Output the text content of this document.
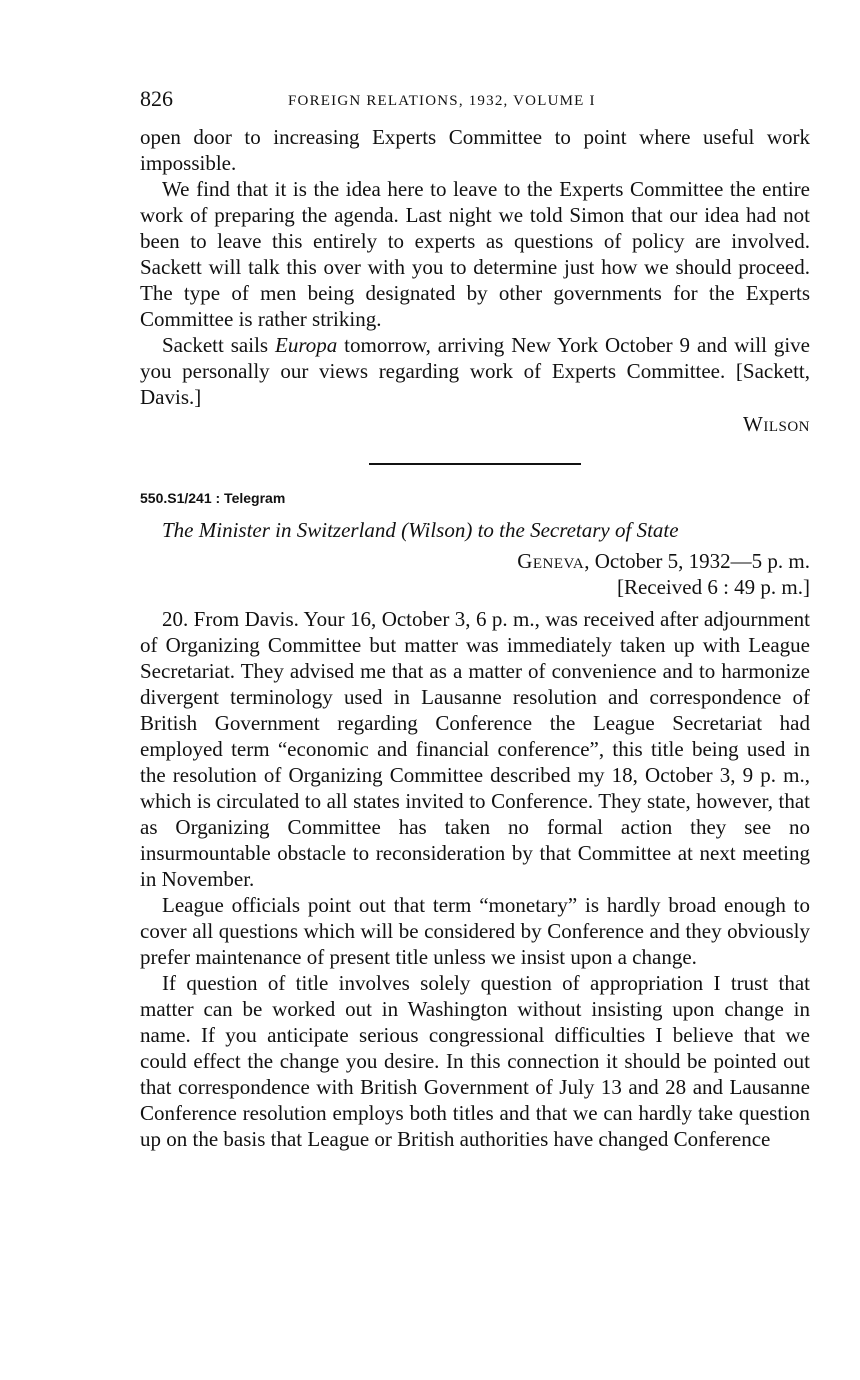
826	FOREIGN RELATIONS, 1932, VOLUME I

open door to increasing Experts Committee to point where useful work impossible.

We find that it is the idea here to leave to the Experts Committee the entire work of preparing the agenda. Last night we told Simon that our idea had not been to leave this entirely to experts as questions of policy are involved. Sackett will talk this over with you to determine just how we should proceed. The type of men being designated by other governments for the Experts Committee is rather striking.

Sackett sails Europa tomorrow, arriving New York October 9 and will give you personally our views regarding work of Experts Committee. [Sackett, Davis.]

Wilson
550.S1/241 : Telegram
The Minister in Switzerland (Wilson) to the Secretary of State
Geneva, October 5, 1932—5 p. m.
[Received 6 : 49 p. m.]

20. From Davis. Your 16, October 3, 6 p. m., was received after adjournment of Organizing Committee but matter was immediately taken up with League Secretariat. They advised me that as a matter of convenience and to harmonize divergent terminology used in Lausanne resolution and correspondence of British Government regarding Conference the League Secretariat had employed term “economic and financial conference”, this title being used in the resolution of Organizing Committee described my 18, October 3, 9 p. m., which is circulated to all states invited to Conference. They state, however, that as Organizing Committee has taken no formal action they see no insurmountable obstacle to reconsideration by that Committee at next meeting in November.

League officials point out that term “monetary” is hardly broad enough to cover all questions which will be considered by Conference and they obviously prefer maintenance of present title unless we insist upon a change.

If question of title involves solely question of appropriation I trust that matter can be worked out in Washington without insisting upon change in name. If you anticipate serious congressional difficulties I believe that we could effect the change you desire. In this connection it should be pointed out that correspondence with British Government of July 13 and 28 and Lausanne Conference resolution employs both titles and that we can hardly take question up on the basis that League or British authorities have changed Conference
